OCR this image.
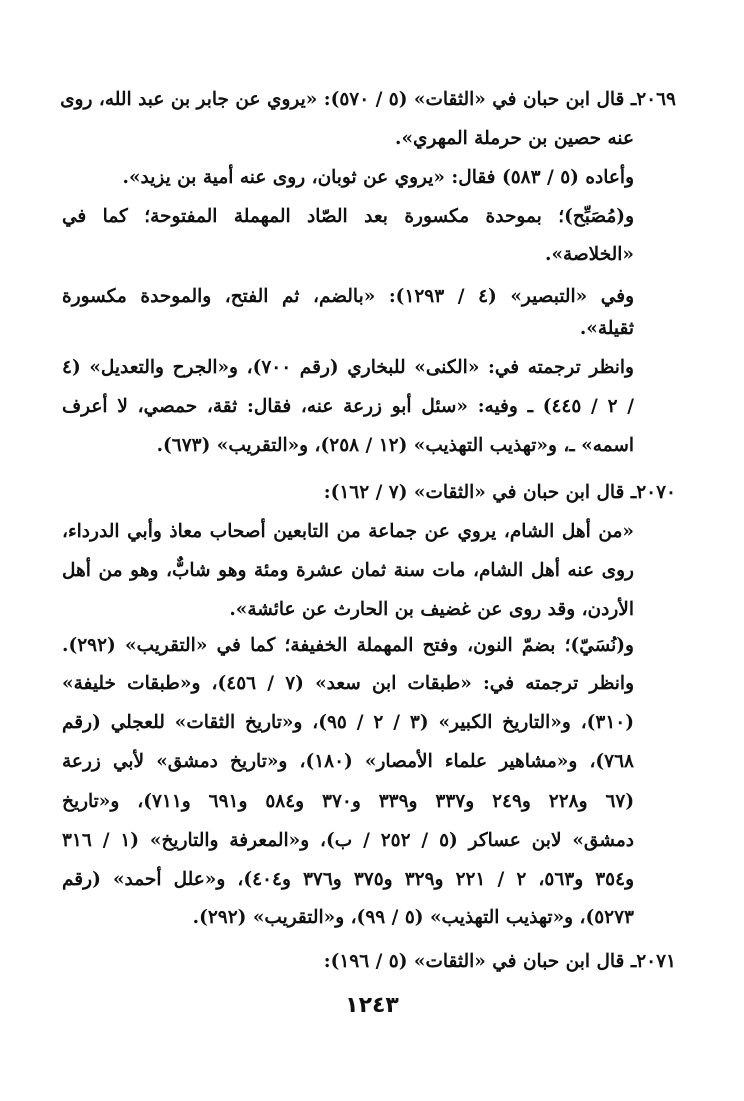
٢٠٦٩ـ قال ابن حبان في «الثقات» (٥ / ٥٧٠): «يروي عن جابر بن عبد الله، روى
عنه حصين بن حرملة المهري».
وأعاده (٥ / ٥٨٣) فقال: «يروي عن ثوبان، روى عنه أمية بن يزيد».
و(مُصَبِّح)؛ بموحدة مكسورة بعد الصّاد المهملة المفتوحة؛ كما في
«الخلاصة».
وفي «التبصير» (٤ / ١٢٩٣): «بالضم، ثم الفتح، والموحدة مكسورة
ثقيلة».
وانظر ترجمته في: «الكنى» للبخاري (رقم ٧٠٠)، و«الجرح والتعديل» (٤
/ ٢ / ٤٤٥) ـ وفيه: «سئل أبو زرعة عنه، فقال: ثقة، حمصي، لا أعرف
اسمه» ـ، و«تهذيب التهذيب» (١٢ / ٢٥٨)، و«التقريب» (٦٧٣).
٢٠٧٠ـ قال ابن حبان في «الثقات» (٧ / ١٦٢):
«من أهل الشام، يروي عن جماعة من التابعين أصحاب معاذ وأبي الدرداء،
روى عنه أهل الشام، مات سنة ثمان عشرة ومئة وهو شابٌّ، وهو من أهل
الأردن، وقد روى عن غضيف بن الحارث عن عائشة».
و(نُسَيّ)؛ بضمّ النون، وفتح المهملة الخفيفة؛ كما في «التقريب» (٢٩٢).
وانظر ترجمته في: «طبقات ابن سعد» (٧ / ٤٥٦)، و«طبقات خليفة»
(٣١٠)، و«التاريخ الكبير» (٣ / ٢ / ٩٥)، و«تاريخ الثقات» للعجلي (رقم
٧٦٨)، و«مشاهير علماء الأمصار» (١٨٠)، و«تاريخ دمشق» لأبي زرعة
(٦٧ و٢٢٨ و٢٤٩ و٣٣٧ و٣٣٩ و٣٧٠ و٥٨٤ و٦٩١ و٧١١)، و«تاريخ
دمشق» لابن عساكر (٥ / ٢٥٢ / ب)، و«المعرفة والتاريخ» (١ / ٣١٦
و٣٥٤ و٥٦٣، ٢ / ٢٢١ و٣٢٩ و٣٧٥ و٣٧٦ و٤٠٤)، و«علل أحمد» (رقم
٥٢٧٣)، و«تهذيب التهذيب» (٥ / ٩٩)، و«التقريب» (٢٩٢).
٢٠٧١ـ قال ابن حبان في «الثقات» (٥ / ١٩٦):
١٢٤٣
